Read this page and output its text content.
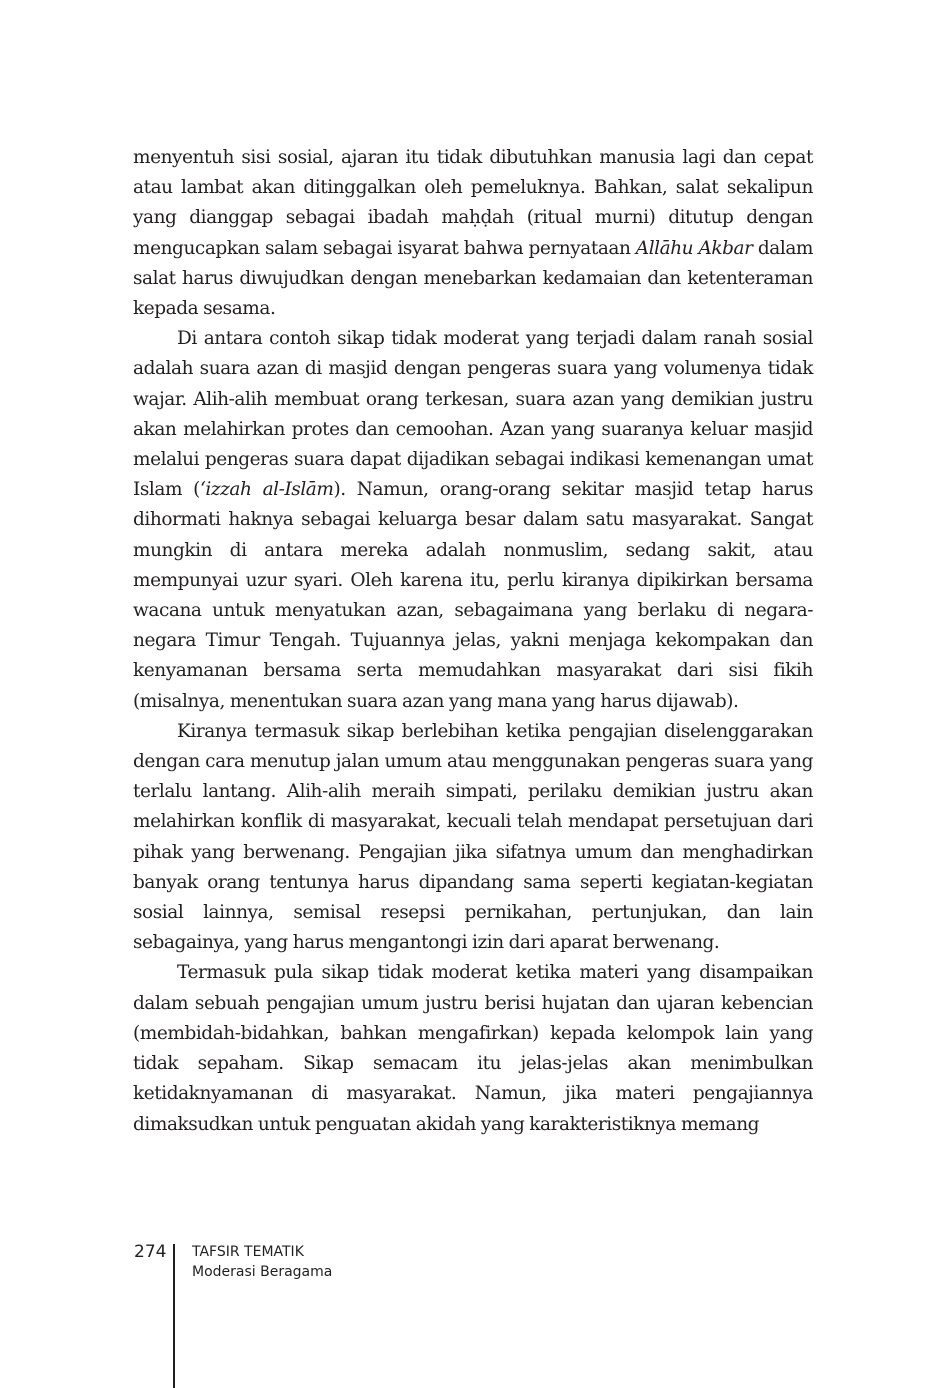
menyentuh sisi sosial, ajaran itu tidak dibutuhkan manusia lagi dan cepat atau lambat akan ditinggalkan oleh pemeluknya. Bahkan, salat sekalipun yang dianggap sebagai ibadah maḥḍah (ritual murni) ditutup dengan mengucapkan salam sebagai isyarat bahwa pernyataan Allāhu Akbar dalam salat harus diwujudkan dengan menebarkan kedamaian dan ketenteraman kepada sesama.

Di antara contoh sikap tidak moderat yang terjadi dalam ranah sosial adalah suara azan di masjid dengan pengeras suara yang volumenya tidak wajar. Alih-alih membuat orang terkesan, suara azan yang demikian justru akan melahirkan protes dan cemoohan. Azan yang suaranya keluar masjid melalui pengeras suara dapat dijadikan sebagai indikasi kemenangan umat Islam (‘izzah al-Islām). Namun, orang-orang sekitar masjid tetap harus dihormati haknya sebagai keluarga besar dalam satu masyarakat. Sangat mungkin di antara mereka adalah nonmuslim, sedang sakit, atau mempunyai uzur syari. Oleh karena itu, perlu kiranya dipikirkan bersama wacana untuk menyatukan azan, sebagaimana yang berlaku di negara-negara Timur Tengah. Tujuannya jelas, yakni menjaga kekompakan dan kenyamanan bersama serta memudahkan masyarakat dari sisi fikih (misalnya, menentukan suara azan yang mana yang harus dijawab).

Kiranya termasuk sikap berlebihan ketika pengajian diselenggarakan dengan cara menutup jalan umum atau menggunakan pengeras suara yang terlalu lantang. Alih-alih meraih simpati, perilaku demikian justru akan melahirkan konflik di masyarakat, kecuali telah mendapat persetujuan dari pihak yang berwenang. Pengajian jika sifatnya umum dan menghadirkan banyak orang tentunya harus dipandang sama seperti kegiatan-kegiatan sosial lainnya, semisal resepsi pernikahan, pertunjukan, dan lain sebagainya, yang harus mengantongi izin dari aparat berwenang.

Termasuk pula sikap tidak moderat ketika materi yang disampaikan dalam sebuah pengajian umum justru berisi hujatan dan ujaran kebencian (membidah-bidahkan, bahkan mengafirkan) kepada kelompok lain yang tidak sepaham. Sikap semacam itu jelas-jelas akan menimbulkan ketidaknyamanan di masyarakat. Namun, jika materi pengajiannya dimaksudkan untuk penguatan akidah yang karakteristiknya memang

274 TAFSIR TEMATIK
Moderasi Beragama
